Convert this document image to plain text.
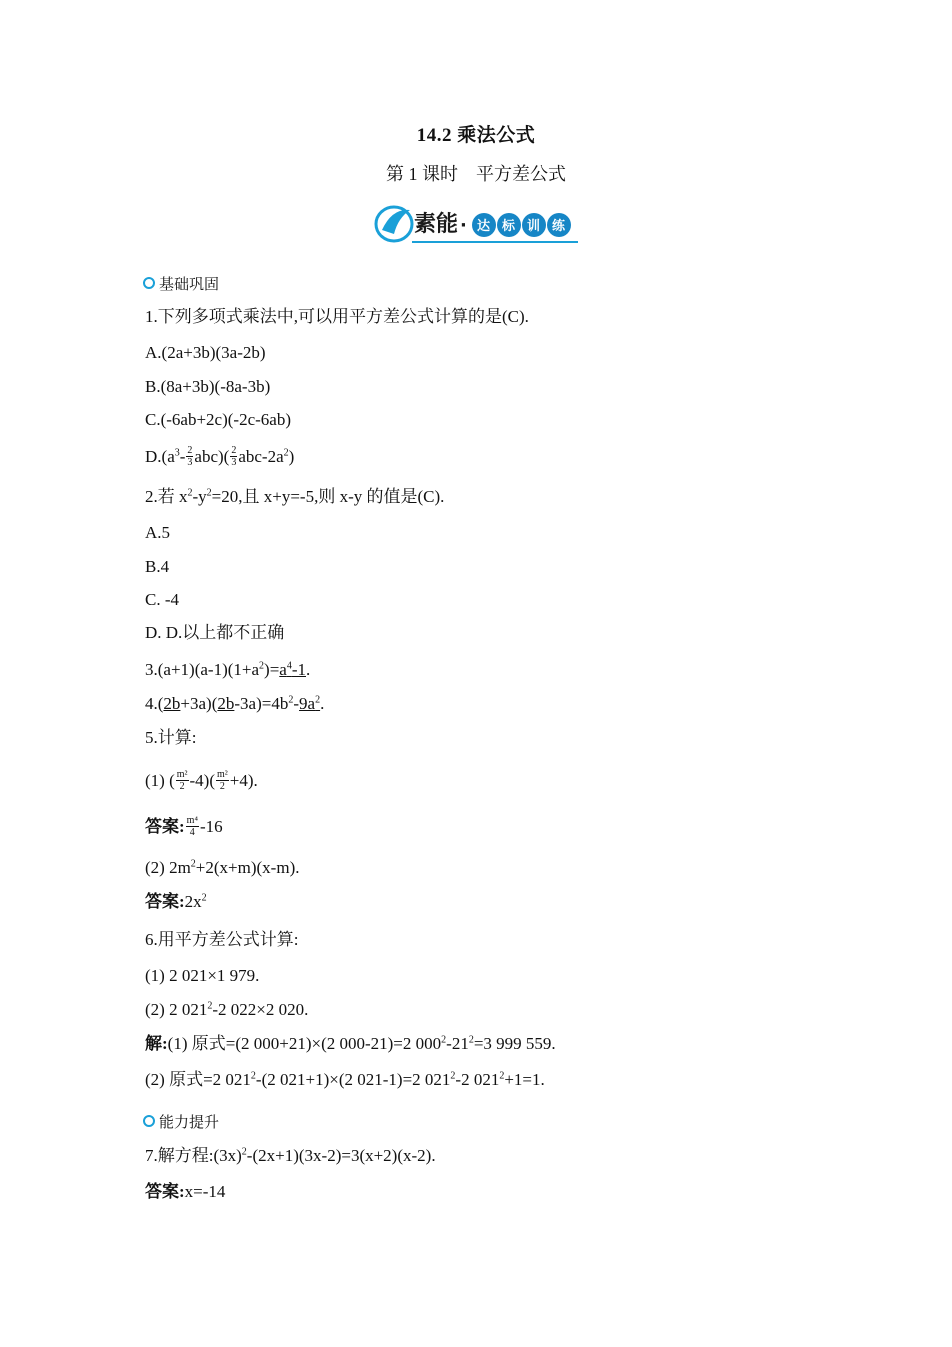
14.2 乘法公式
第 1 课时　平方差公式
素能 · 达 标 训 练
基础巩固
1.下列多项式乘法中,可以用平方差公式计算的是(C).
A.(2a+3b)(3a-2b)
B.(8a+3b)(-8a-3b)
C.(-6ab+2c)(-2c-6ab)
$D.(a^3- \frac{2}{3} abc)( \frac{2}{3} abc-2a^2)$
2.若 $x^2-y^2=20$,且 x+y=-5,则 x-y 的值是(C).
A.5
B.4
C. -4
D. D.以上都不正确
$3.(a+1)(a-1)(1+a^2)=a^4-1$.
$4.(2b+3a)(2b-3a)=4b^2-9a^2$.
5.计算:
(1) ( $\frac{\text{m²}}{2} -4)( \frac{\text{m²}}{2} +4)$.
答案: $\frac{\text{m⁴}}{4} -16$
(2) $2m^2+2(x+m)(x-m)$.
答案$:2x^2$
6.用平方差公式计算:
(1) 2 021×1 979.
(2) 2 $021^2-2$ 022×2 020.
解:(1) 原式=(2 000+21)×(2 000-21)=2 $000^2-21^2=3$ 999 559.
(2) 原式=2 $021^2-(2$ 021+1)×(2 021-1)=2 $021^2-2$ $021^2+1=1$.
能力提升
7.解方程$:(3x)^2-(2x+1)(3x-2)=3(x+2)(x-2)$.
答案:x=-14
